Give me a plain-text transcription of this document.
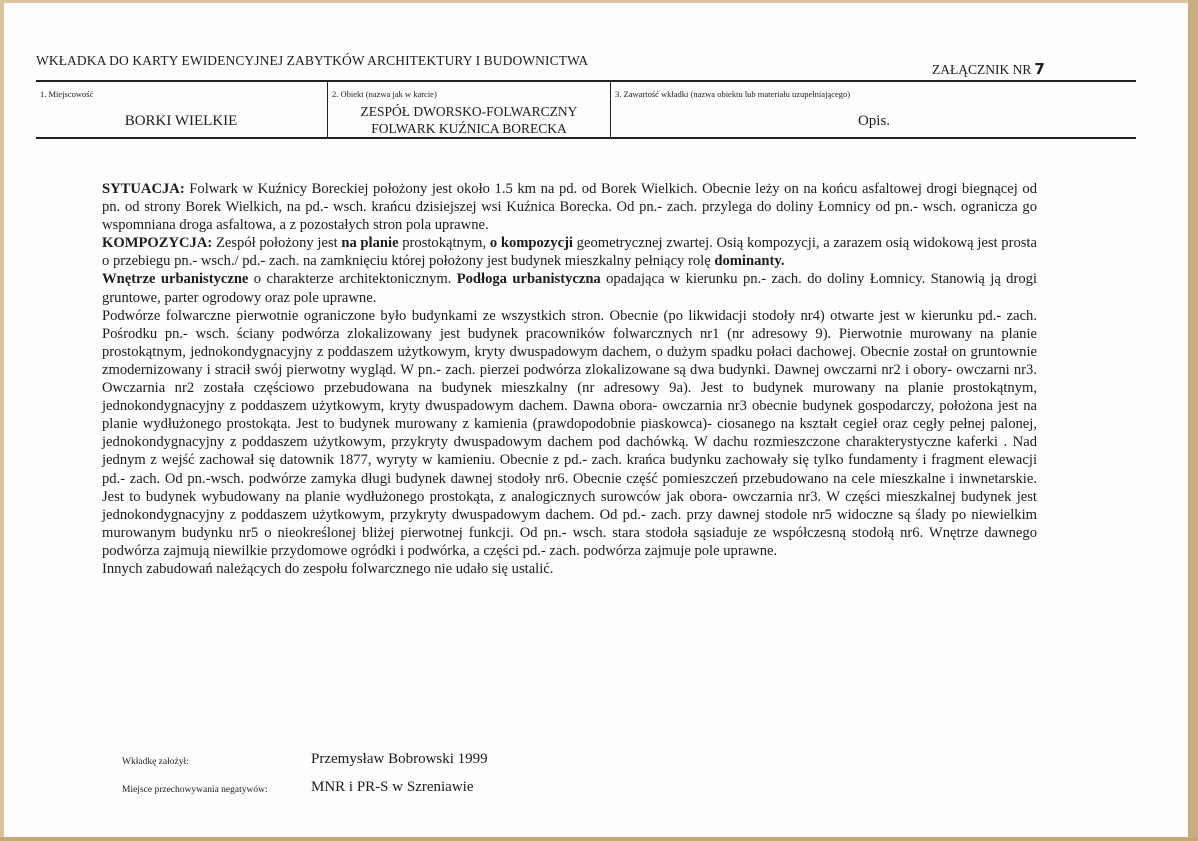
WKŁADKA DO KARTY EWIDENCYJNEJ ZABYTKÓW ARCHITEKTURY I BUDOWNICTWA
ZAŁĄCZNIK NR 7
1. Miejscowość
BORKI WIELKIE
2. Obiekt (nazwa jak w karcie)
ZESPÓŁ DWORSKO-FOLWARCZNY
FOLWARK KUŹNICA BORECKA
3. Zawartość wkładki (nazwa obiektu lub materiału uzupełniającego)
Opis.

SYTUACJA: Folwark w Kuźnicy Boreckiej położony jest około 1.5 km na pd. od Borek Wielkich. Obecnie leży on na końcu asfaltowej drogi biegnącej od pn. od strony Borek Wielkich, na pd.- wsch. krańcu dzisiejszej wsi Kuźnica Borecka. Od pn.- zach. przylega do doliny Łomnicy od pn.- wsch. ogranicza go wspomniana droga asfaltowa, a z pozostałych stron pola uprawne.

KOMPOZYCJA: Zespół położony jest na planie prostokątnym, o kompozycji geometrycznej zwartej. Osią kompozycji, a zarazem osią widokową jest prosta o przebiegu pn.- wsch./ pd.- zach. na zamknięciu której położony jest budynek mieszkalny pełniący rolę dominanty.
Wnętrze urbanistyczne o charakterze architektonicznym. Podłoga urbanistyczna opadająca w kierunku pn.- zach. do doliny Łomnicy. Stanowią ją drogi gruntowe, parter ogrodowy oraz pole uprawne.

Podwórze folwarczne pierwotnie ograniczone było budynkami ze wszystkich stron. Obecnie (po likwidacji stodoły nr4) otwarte jest w kierunku pd.- zach. Pośrodku pn.- wsch. ściany podwórza zlokalizowany jest budynek pracowników folwarcznych nr1 (nr adresowy 9). Pierwotnie murowany na planie prostokątnym, jednokondygnacyjny z poddaszem użytkowym, kryty dwuspadowym dachem, o dużym spadku połaci dachowej. Obecnie został on gruntownie zmodernizowany i stracił swój pierwotny wygląd. W pn.- zach. pierzei podwórza zlokalizowane są dwa budynki. Dawnej owczarni nr2 i obory- owczarni nr3. Owczarnia nr2 została częściowo przebudowana na budynek mieszkalny (nr adresowy 9a). Jest to budynek murowany na planie prostokątnym, jednokondygnacyjny z poddaszem użytkowym, kryty dwuspadowym dachem. Dawna obora- owczarnia nr3 obecnie budynek gospodarczy, położona jest na planie wydłużonego prostokąta. Jest to budynek murowany z kamienia (prawdopodobnie piaskowca)- ciosanego na kształt cegieł oraz cegły pełnej palonej, jednokondygnacyjny z poddaszem użytkowym, przykryty dwuspadowym dachem pod dachówką. W dachu rozmieszczone charakterystyczne kaferki . Nad jednym z wejść zachował się datownik 1877, wyryty w kamieniu. Obecnie z pd.- zach. krańca budynku zachowały się tylko fundamenty i fragment elewacji pd.- zach. Od pn.-wsch. podwórze zamyka długi budynek dawnej stodoły nr6. Obecnie część pomieszczeń przebudowano na cele mieszkalne i inwnetarskie. Jest to budynek wybudowany na planie wydłużonego prostokąta, z analogicznych surowców jak obora- owczarnia nr3. W części mieszkalnej budynek jest jednokondygnacyjny z poddaszem użytkowym, przykryty dwuspadowym dachem. Od pd.- zach. przy dawnej stodole nr5 widoczne są ślady po niewielkim murowanym budynku nr5 o nieokreślonej bliżej pierwotnej funkcji. Od pn.- wsch. stara stodoła sąsiaduje ze współczesną stodołą nr6. Wnętrze dawnego podwórza zajmują niewilkie przydomowe ogródki i podwórka, a części pd.- zach. podwórza zajmuje pole uprawne.

Innych zabudowań należących do zespołu folwarcznego nie udało się ustalić.

Wkładkę założył:	Przemysław Bobrowski 1999
Miejsce przechowywania negatywów:	MNR i PR-S w Szreniawie
